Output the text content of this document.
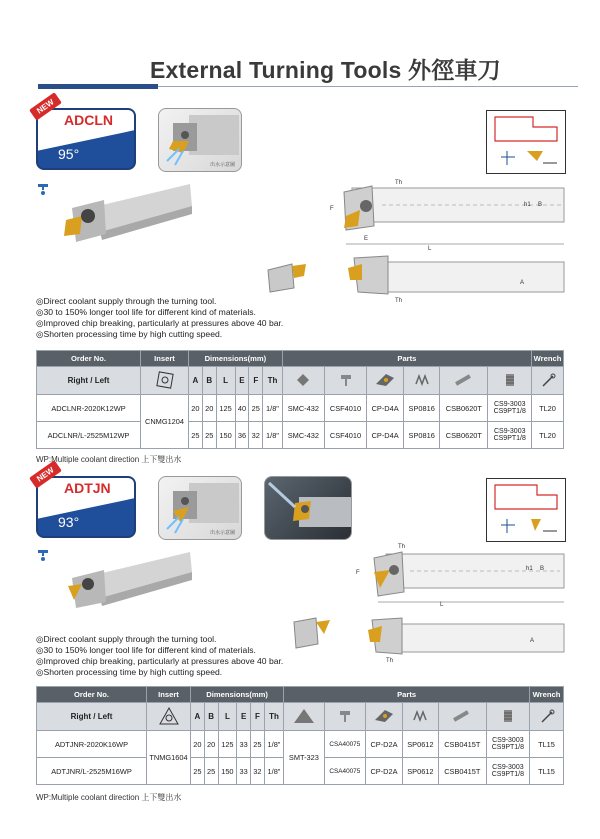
External Turning Tools 外徑車刀
NEW
ADCLN
95°
出水示意圖
Th
F
E
L
h1 B
A
Th
◎Direct coolant supply through the turning tool.
◎30 to 150% longer tool life for different kind of materials.
◎Improved chip breaking, particularly at pressures above 40 bar.
◎Shorten processing time by high cutting speed.
Order No.	Insert	Dimensions(mm)						Parts						Wrench
Right / Left		A	B	L	E	F	Th							
ADCLNR-2020K12WP	CNMG1204	20	20	125	40	25	1/8"	SMC-432	CSF4010	CP-D4A	SP0816	CSB0620T	CS9-3003
CS9PT1/8	TL20
ADCLNR/L-2525M12WP		25	25	150	36	32	1/8"	SMC-432	CSF4010	CP-D4A	SP0816	CSB0620T	CS9-3003
CS9PT1/8	TL20
WP:Multiple coolant direction 上下雙出水
NEW
ADTJN
93°
出水示意圖
Th
F
L
h1 B
A
Th
◎Direct coolant supply through the turning tool.
◎30 to 150% longer tool life for different kind of materials.
◎Improved chip breaking, particularly at pressures above 40 bar.
◎Shorten processing time by high cutting speed.
Order No.	Insert	Dimensions(mm)						Parts						Wrench
Right / Left		A	B	L	E	F	Th							
ADTJNR-2020K16WP	TNMG1604	20	20	125	33	25	1/8"	SMT-323	CSA40075	CP-D2A	SP0612	CSB0415T	CS9-3003
CS9PT1/8	TL15
ADTJNR/L-2525M16WP		25	25	150	33	32	1/8"		CSA40075	CP-D2A	SP0612	CSB0415T	CS9-3003
CS9PT1/8	TL15
WP:Multiple coolant direction 上下雙出水
